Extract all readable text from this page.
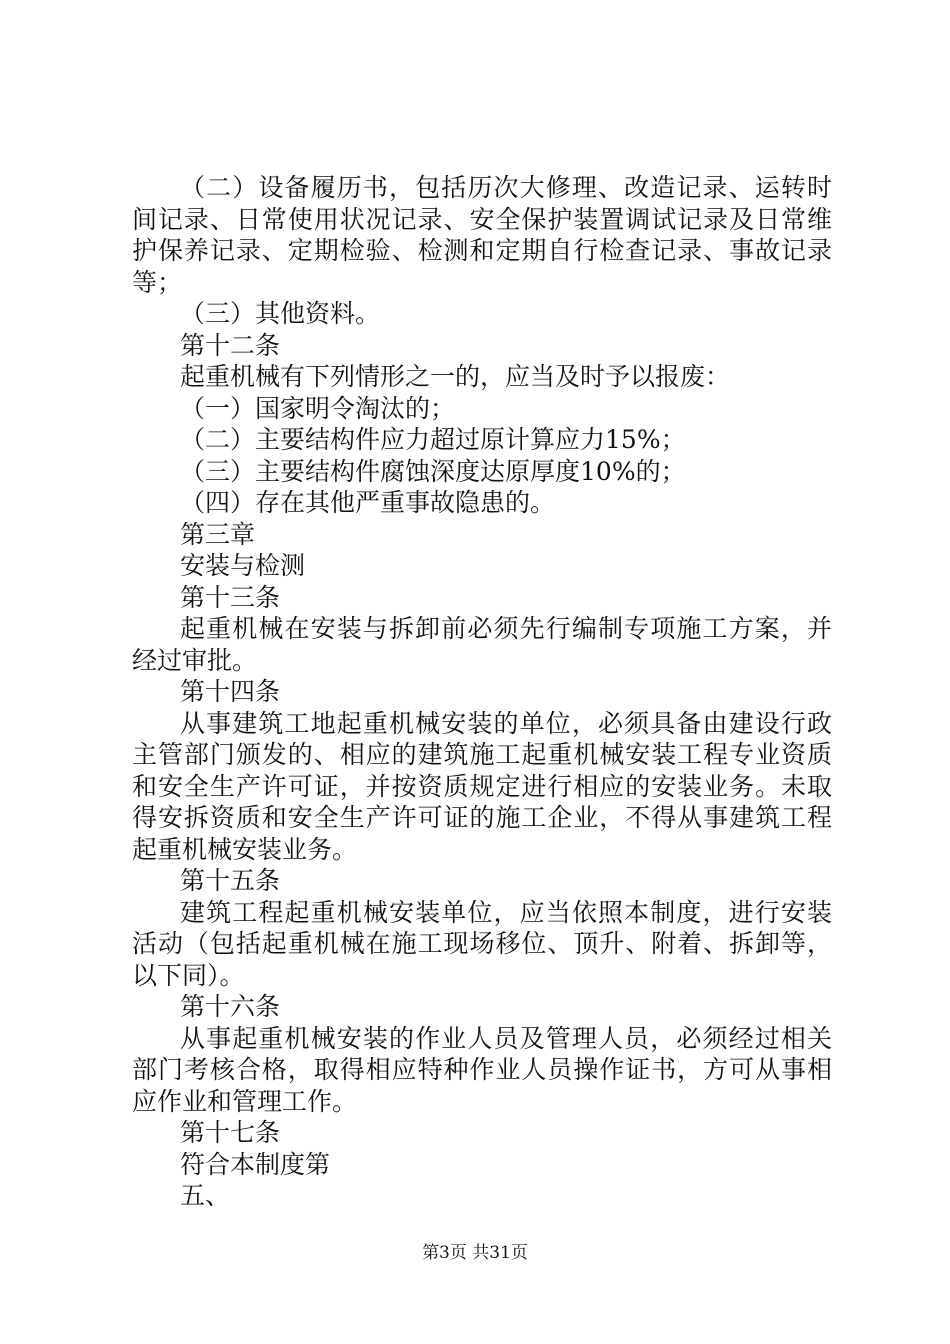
（二）设备履历书，包括历次大修理、改造记录、运转时
间记录、日常使用状况记录、安全保护装置调试记录及日常维
护保养记录、定期检验、检测和定期自行检查记录、事故记录
等；
（三）其他资料。
第十二条
起重机械有下列情形之一的，应当及时予以报废：
（一）国家明令淘汰的；
（二）主要结构件应力超过原计算应力15%；
（三）主要结构件腐蚀深度达原厚度10%的；
（四）存在其他严重事故隐患的。
第三章
安装与检测
第十三条
起重机械在安装与拆卸前必须先行编制专项施工方案，并
经过审批。
第十四条
从事建筑工地起重机械安装的单位，必须具备由建设行政
主管部门颁发的、相应的建筑施工起重机械安装工程专业资质
和安全生产许可证，并按资质规定进行相应的安装业务。未取
得安拆资质和安全生产许可证的施工企业，不得从事建筑工程
起重机械安装业务。
第十五条
建筑工程起重机械安装单位，应当依照本制度，进行安装
活动（包括起重机械在施工现场移位、顶升、附着、拆卸等，
以下同）。
第十六条
从事起重机械安装的作业人员及管理人员，必须经过相关
部门考核合格，取得相应特种作业人员操作证书，方可从事相
应作业和管理工作。
第十七条
符合本制度第
五、
第3页 共31页
